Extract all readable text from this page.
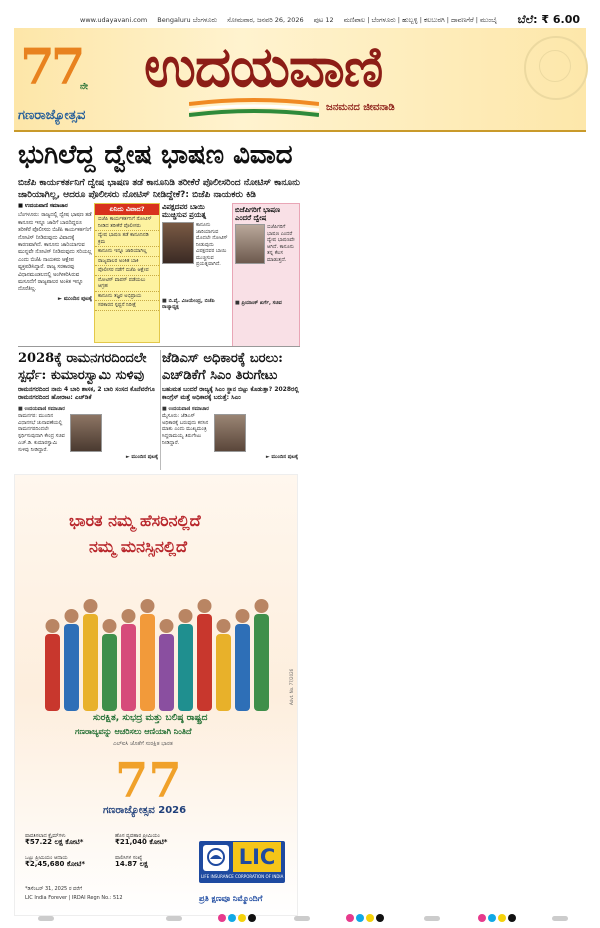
www.udayavani.com Bengaluru ಬೆಂಗಳೂರು ಸೋಮವಾರ, ಜನವರಿ 26, 2026 ಪುಟ 12 ಮಣಿಪಾಲ | ಬೆಂಗಳೂರು | ಹುಬ್ಬಳ್ಳಿ | ಕಲಬುರಗಿ | ದಾವಣಗೆರೆ | ಮುಂಬೈ ಬೆಲೆ: ₹ 6.00
77
ನೇ
ಗಣರಾಜ್ಯೋತ್ಸವ
ಉದಯವಾಣಿ
ಜನಮನದ ಜೀವನಾಡಿ
ಭುಗಿಲೆದ್ದ ದ್ವೇಷ ಭಾಷಣ ವಿವಾದ
ಬಿಜೆಪಿ ಕಾರ್ಯಕರ್ತನಿಗೆ ದ್ವೇಷ ಭಾಷಣ ತಡೆ ಕಾನೂನಿಡಿ ತರೀಕೆರೆ ಪೊಲೀಸರಿಂದ ನೋಟಿಸ್ ಕಾನೂನು ಜಾರಿಯಾಗಿಲ್ಲ, ಆದರೂ ಪೊಲೀಸರು ನೋಟಿಸ್ ನೀಡಿದ್ದೇಕೆ?: ಬಿಜೆಪಿ ನಾಯಕರು ಕಿಡಿ
■ ಉದಯವಾಣಿ ಸಮಾಚಾರ
ಬೆಂಗಳೂರು: ರಾಜ್ಯದಲ್ಲಿ ದ್ವೇಷ ಭಾಷಣ ತಡೆ ಕಾನೂನು ಇನ್ನೂ ಜಾರಿಗೆ ಬಾರದಿದ್ದರೂ ತರೀಕೆರೆ ಪೊಲೀಸರು ಬಿಜೆಪಿ ಕಾರ್ಯಕರ್ತನಿಗೆ ನೋಟಿಸ್ ನೀಡಿರುವುದು ವಿವಾದಕ್ಕೆ ಕಾರಣವಾಗಿದೆ. ಕಾನೂನು ಜಾರಿಯಾಗುವ ಮುನ್ನವೇ ನೋಟಿಸ್ ನೀಡಿರುವುದು ಸರಿಯಲ್ಲ ಎಂದು ಬಿಜೆಪಿ ನಾಯಕರು ಆಕ್ಷೇಪ ವ್ಯಕ್ತಪಡಿಸಿದ್ದಾರೆ. ರಾಜ್ಯ ಸರಕಾರವು ವಿಧಾನಮಂಡಲದಲ್ಲಿ ಅಂಗೀಕರಿಸಿರುವ ಮಸೂದೆಗೆ ರಾಜ್ಯಪಾಲರ ಅಂಕಿತ ಇನ್ನೂ ದೊರೆತಿಲ್ಲ.
► ಮುಂದಿನ ಪುಟಕ್ಕೆ
ಏನಿದು ವಿವಾದ?
ಬಿಜೆಪಿ ಕಾರ್ಯಕರ್ತನಿಗೆ ನೋಟಿಸ್ ನೀಡಿದ ತರೀಕೆರೆ ಪೊಲೀಸರು
ದ್ವೇಷ ಭಾಷಣ ತಡೆ ಕಾನೂನಿನಡಿ ಕ್ರಮ
ಕಾನೂನು ಇನ್ನೂ ಜಾರಿಯಾಗಿಲ್ಲ
ರಾಜ್ಯಪಾಲರ ಅಂಕಿತ ಬಾಕಿ
ಪೊಲೀಸರ ನಡೆಗೆ ಬಿಜೆಪಿ ಆಕ್ಷೇಪ
ನೋಟಿಸ್ ವಾಪಸ್ ಪಡೆಯಲು ಆಗ್ರಹ
ಕಾನೂನು ತಜ್ಞರ ಅಭಿಪ್ರಾಯ
ಸರಕಾರದ ಸ್ಪಷ್ಟನೆ ನಿರೀಕ್ಷೆ
ವಿಪಕ್ಷದವರ ಬಾಯಿ ಮುಚ್ಚಿಸುವ ಪ್ರಯತ್ನ
ಕಾನೂನು ಜಾರಿಯಾಗುವ ಮೊದಲೇ ನೋಟಿಸ್ ನೀಡುವುದು ವಿಪಕ್ಷದವರ ಬಾಯಿ ಮುಚ್ಚಿಸುವ ಪ್ರಯತ್ನವಾಗಿದೆ.
■ ಬಿ.ವೈ. ವಿಜಯೇಂದ್ರ, ಬಿಜೆಪಿ ರಾಜ್ಯಾಧ್ಯಕ್ಷ
ಬಿಜೆಪಿಗರಿಗೆ ಭಾಷಣ ಎಂದರೆ ದ್ವೇಷ
ಬಿಜೆಪಿಗರಿಗೆ ಭಾಷಣ ಎಂದರೆ ದ್ವೇಷ ಭಾಷಣವೇ ಆಗಿದೆ. ಕಾನೂನು ತನ್ನ ಕೆಲಸ ಮಾಡುತ್ತದೆ.
■ ಪ್ರಿಯಾಂಕ್ ಖರ್ಗೆ, ಸಚಿವ
2028ಕ್ಕೆ ರಾಮನಗರದಿಂದಲೇ ಸ್ಪರ್ಧೆ: ಕುಮಾರಸ್ವಾಮಿ ಸುಳಿವು
ರಾಮನಗರದಿಂದ ನಾನು 4 ಬಾರಿ ಶಾಸಕ, 2 ಬಾರಿ ಸಂಸದ ಕೊನೆವರೆಗೂ ರಾಮನಗರದಿಂದ ಹೋರಾಟ: ಎಚ್‌ಡಿಕೆ
■ ಉದಯವಾಣಿ ಸಮಾಚಾರ
ರಾಮನಗರ: ಮುಂದಿನ ವಿಧಾನಸಭೆ ಚುನಾವಣೆಯಲ್ಲಿ ರಾಮನಗರದಿಂದಲೇ ಸ್ಪರ್ಧಿಸುವುದಾಗಿ ಕೇಂದ್ರ ಸಚಿವ ಎಚ್.ಡಿ. ಕುಮಾರಸ್ವಾಮಿ ಸುಳಿವು ನೀಡಿದ್ದಾರೆ.
► ಮುಂದಿನ ಪುಟಕ್ಕೆ
ಜೆಡಿಎಸ್ ಅಧಿಕಾರಕ್ಕೆ ಬರಲು: ಎಚ್‌ಡಿಕೆಗೆ ಸಿಎಂ ತಿರುಗೇಟು
ಬಹುಮತ ಬಂದರೆ ರಾಜ್ಯಕ್ಕೆ ಸಿಎಂ ಸ್ಥಾನ ಬಿಟ್ಟು ಕೊಡುತ್ತಾ? 2028ರಲ್ಲಿ ಕಾಂಗ್ರೆಸ್ ಮತ್ತೆ ಅಧಿಕಾರಕ್ಕೆ ಬರುತ್ತೆ: ಸಿಎಂ
■ ಉದಯವಾಣಿ ಸಮಾಚಾರ
ಮೈಸೂರು: ಜೆಡಿಎಸ್ ಅಧಿಕಾರಕ್ಕೆ ಬರುವುದು ಕನಸಿನ ಮಾತು ಎಂದು ಮುಖ್ಯಮಂತ್ರಿ ಸಿದ್ದರಾಮಯ್ಯ ತಿರುಗೇಟು ನೀಡಿದ್ದಾರೆ.
► ಮುಂದಿನ ಪುಟಕ್ಕೆ
ಭಾರತ ನಮ್ಮ ಹೆಸರಿನಲ್ಲಿದೆ
ನಮ್ಮ ಮನಸ್ಸಿನಲ್ಲಿದೆ
ಸುರಕ್ಷಿತ, ಸುಭದ್ರ ಮತ್ತು ಬಲಿಷ್ಠ ರಾಷ್ಟ್ರದ
ಗಣರಾಜ್ಯವನ್ನು ಆಚರಿಸಲು ಆಣಿಯಾಗಿ ನಿಂತಿದೆ
ಎಲ್ಐಸಿ ಜೊತೆಗೆ ಸುರಕ್ಷಿತ ಭಾರತ
77
ಗಣರಾಜ್ಯೋತ್ಸವ 2026
ಪಾವತಿಸಲಾದ ಕ್ಲೈಮ್‌ಗಳು
₹57.22 ಲಕ್ಷ ಕೋಟಿ*
ಹೊಸ ವ್ಯವಹಾರ ಪ್ರೀಮಿಯಂ
₹21,040 ಕೋಟಿ*
ಒಟ್ಟು ಪ್ರೀಮಿಯಂ ಆದಾಯ
₹2,45,680 ಕೋಟಿ*
ಪಾಲಿಸಿಗಳ ಸಂಖ್ಯೆ
14.87 ಲಕ್ಷ	LIC
LIFE INSURANCE CORPORATION OF INDIA
*ಡಿಸೆಂಬರ್ 31, 2025 ರ ವರೆಗೆ
LIC India Forever | IRDAI Regn No.: 512	ಪ್ರತಿ ಕ್ಷಣವೂ ನಿಮ್ಮೊಂದಿಗೆ
Advt. No. 77/2026
